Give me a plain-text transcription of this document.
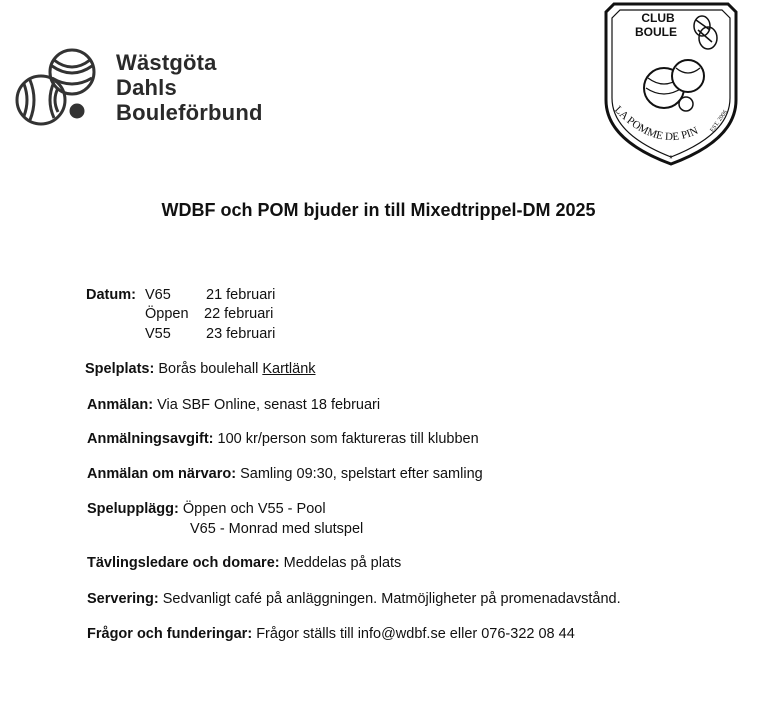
Wästgöta
Dahls
Bouleförbund
CLUB
BOULE
LA POMME DE PIN EST. 2006
*
WDBF och POM bjuder in till Mixedtrippel-DM 2025
Datum: V65 21 februari
Öppen 22 februari
V55 23 februari
Spelplats: Borås boulehall Kartlänk
Anmälan: Via SBF Online, senast 18 februari
Anmälningsavgift: 100 kr/person som faktureras till klubben
Anmälan om närvaro: Samling 09:30, spelstart efter samling
Spelupplägg: Öppen och V55 - Pool
V65 - Monrad med slutspel
Tävlingsledare och domare: Meddelas på plats
Servering: Sedvanligt café på anläggningen. Matmöjligheter på promenadavstånd.
Frågor och funderingar: Frågor ställs till info@wdbf.se eller 076-322 08 44
